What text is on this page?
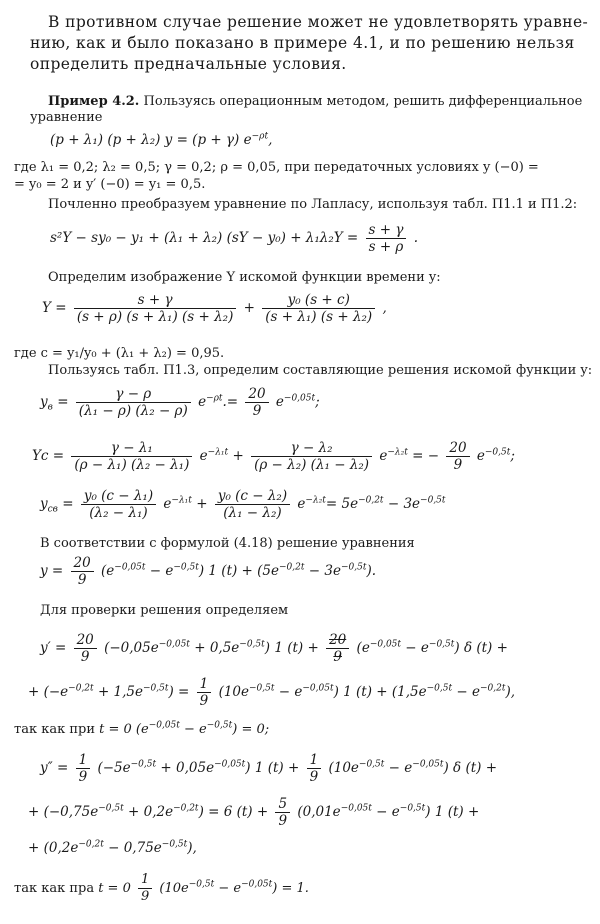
В противном случае решение может не удовлетворять уравне-
нию, как и было показано в примере 4.1, и по решению нельзя
определить предначальные условия.
Пример 4.2. Пользуясь операционным методом, решить дифференциальное
уравнение
(p + λ₁) (p + λ₂) y = (p + γ) $e^{-\rho t}$,
где λ₁ = 0,2; λ₂ = 0,5; γ = 0,2; ρ = 0,05, при передаточных условиях y (−0) =
= y₀ = 2 и y′ (−0) = y₁ = 0,5.
Почленно преобразуем уравнение по Лапласу, используя табл. П1.1 и П1.2:
s²Y − sy₀ − y₁ + (λ₁ + λ₂) $(sY - y_0) + \lambda_1\lambda_2Y = \frac{s + \gamma}{s + \rho}$ .
Определим изображение Y искомой функции времени y:
$Y = \frac{s + \gamma}{\text{(s + ρ) (s + λ₁) (s + λ₂)}} + \frac{\text{y₀ (s + c)}}{\text{(s + λ₁) (s + λ₂)}}$ ,
где c = y₁/y₀ + (λ₁ + λ₂) = 0,95.
Пользуясь табл. П1.3, определим составляющие решения искомой функции y:
$y_в = \frac{\gamma - \rho}{\text{(λ₁ − ρ) (λ₂ − ρ)}} e^{-\rho t}.= \frac{20}{9} e^{-0,05t}$;
$Yc = \frac{\text{γ − λ₁}}{\text{(ρ − λ₁) (λ₂ − λ₁)}} e^{-\lambda_1t} + \frac{\text{γ − λ₂}}{\text{(ρ − λ₂) (λ₁ − λ₂)}} e^{-\lambda_2t}$ = − $\frac{20}{9} e^{-0,5t}$;
$y_{св} = \frac{\text{y₀ (c − λ₁)}}{\text{(λ₂ − λ₁)}} e^{-\lambda_1t} + \frac{\text{y₀ (c − λ₂)}}{\text{(λ₁ − λ₂)}} e^{-\lambda_2t}= 5e^{-0,2t} - 3e^{-0,5t}$
В соответствии с формулой (4.18) решение уравнения
$y = \frac{20}{9} (e^{-0,05t} - e^{-0,5t})$ 1 $(t) + (5e^{-0,2t} - 3e^{-0,5t})$.
Для проверки решения определяем
$y' = \frac{20}{9} (-0,05e^{-0,05t} + 0,5e^{-0,5t})$ 1 $(t) + \frac{20}{9} (e^{-0,05t} - e^{-0,5t})$ δ (t) +
+ $(-e^{-0,2t} + 1,5e^{-0,5t}) = \frac{1}{9} (10e^{-0,5t} - e^{-0,05t})$ 1 $(t) + (1,5e^{-0,5t} - e^{-0,2t})$,
так как при t = 0 $(e^{-0,05t} - e^{-0,5t}) = 0$;
$y'' = \frac{1}{9} (-5e^{-0,5t} + 0,05e^{-0,05t})$ 1 $(t) + \frac{1}{9} (10e^{-0,5t} - e^{-0,05t})$ δ (t) +
+ $(-0,75e^{-0,5t} + 0,2e^{-0,2t}) = 6$ $(t) + \frac{5}{9} (0,01e^{-0,05t} - e^{-0,5t})$ 1 (t) +
+ $(0,2e^{-0,2t} - 0,75e^{-0,5t})$,
так как пра $t = 0 \frac{1}{9} (10e^{-0,5t} - e^{-0,05t}) = 1$.
